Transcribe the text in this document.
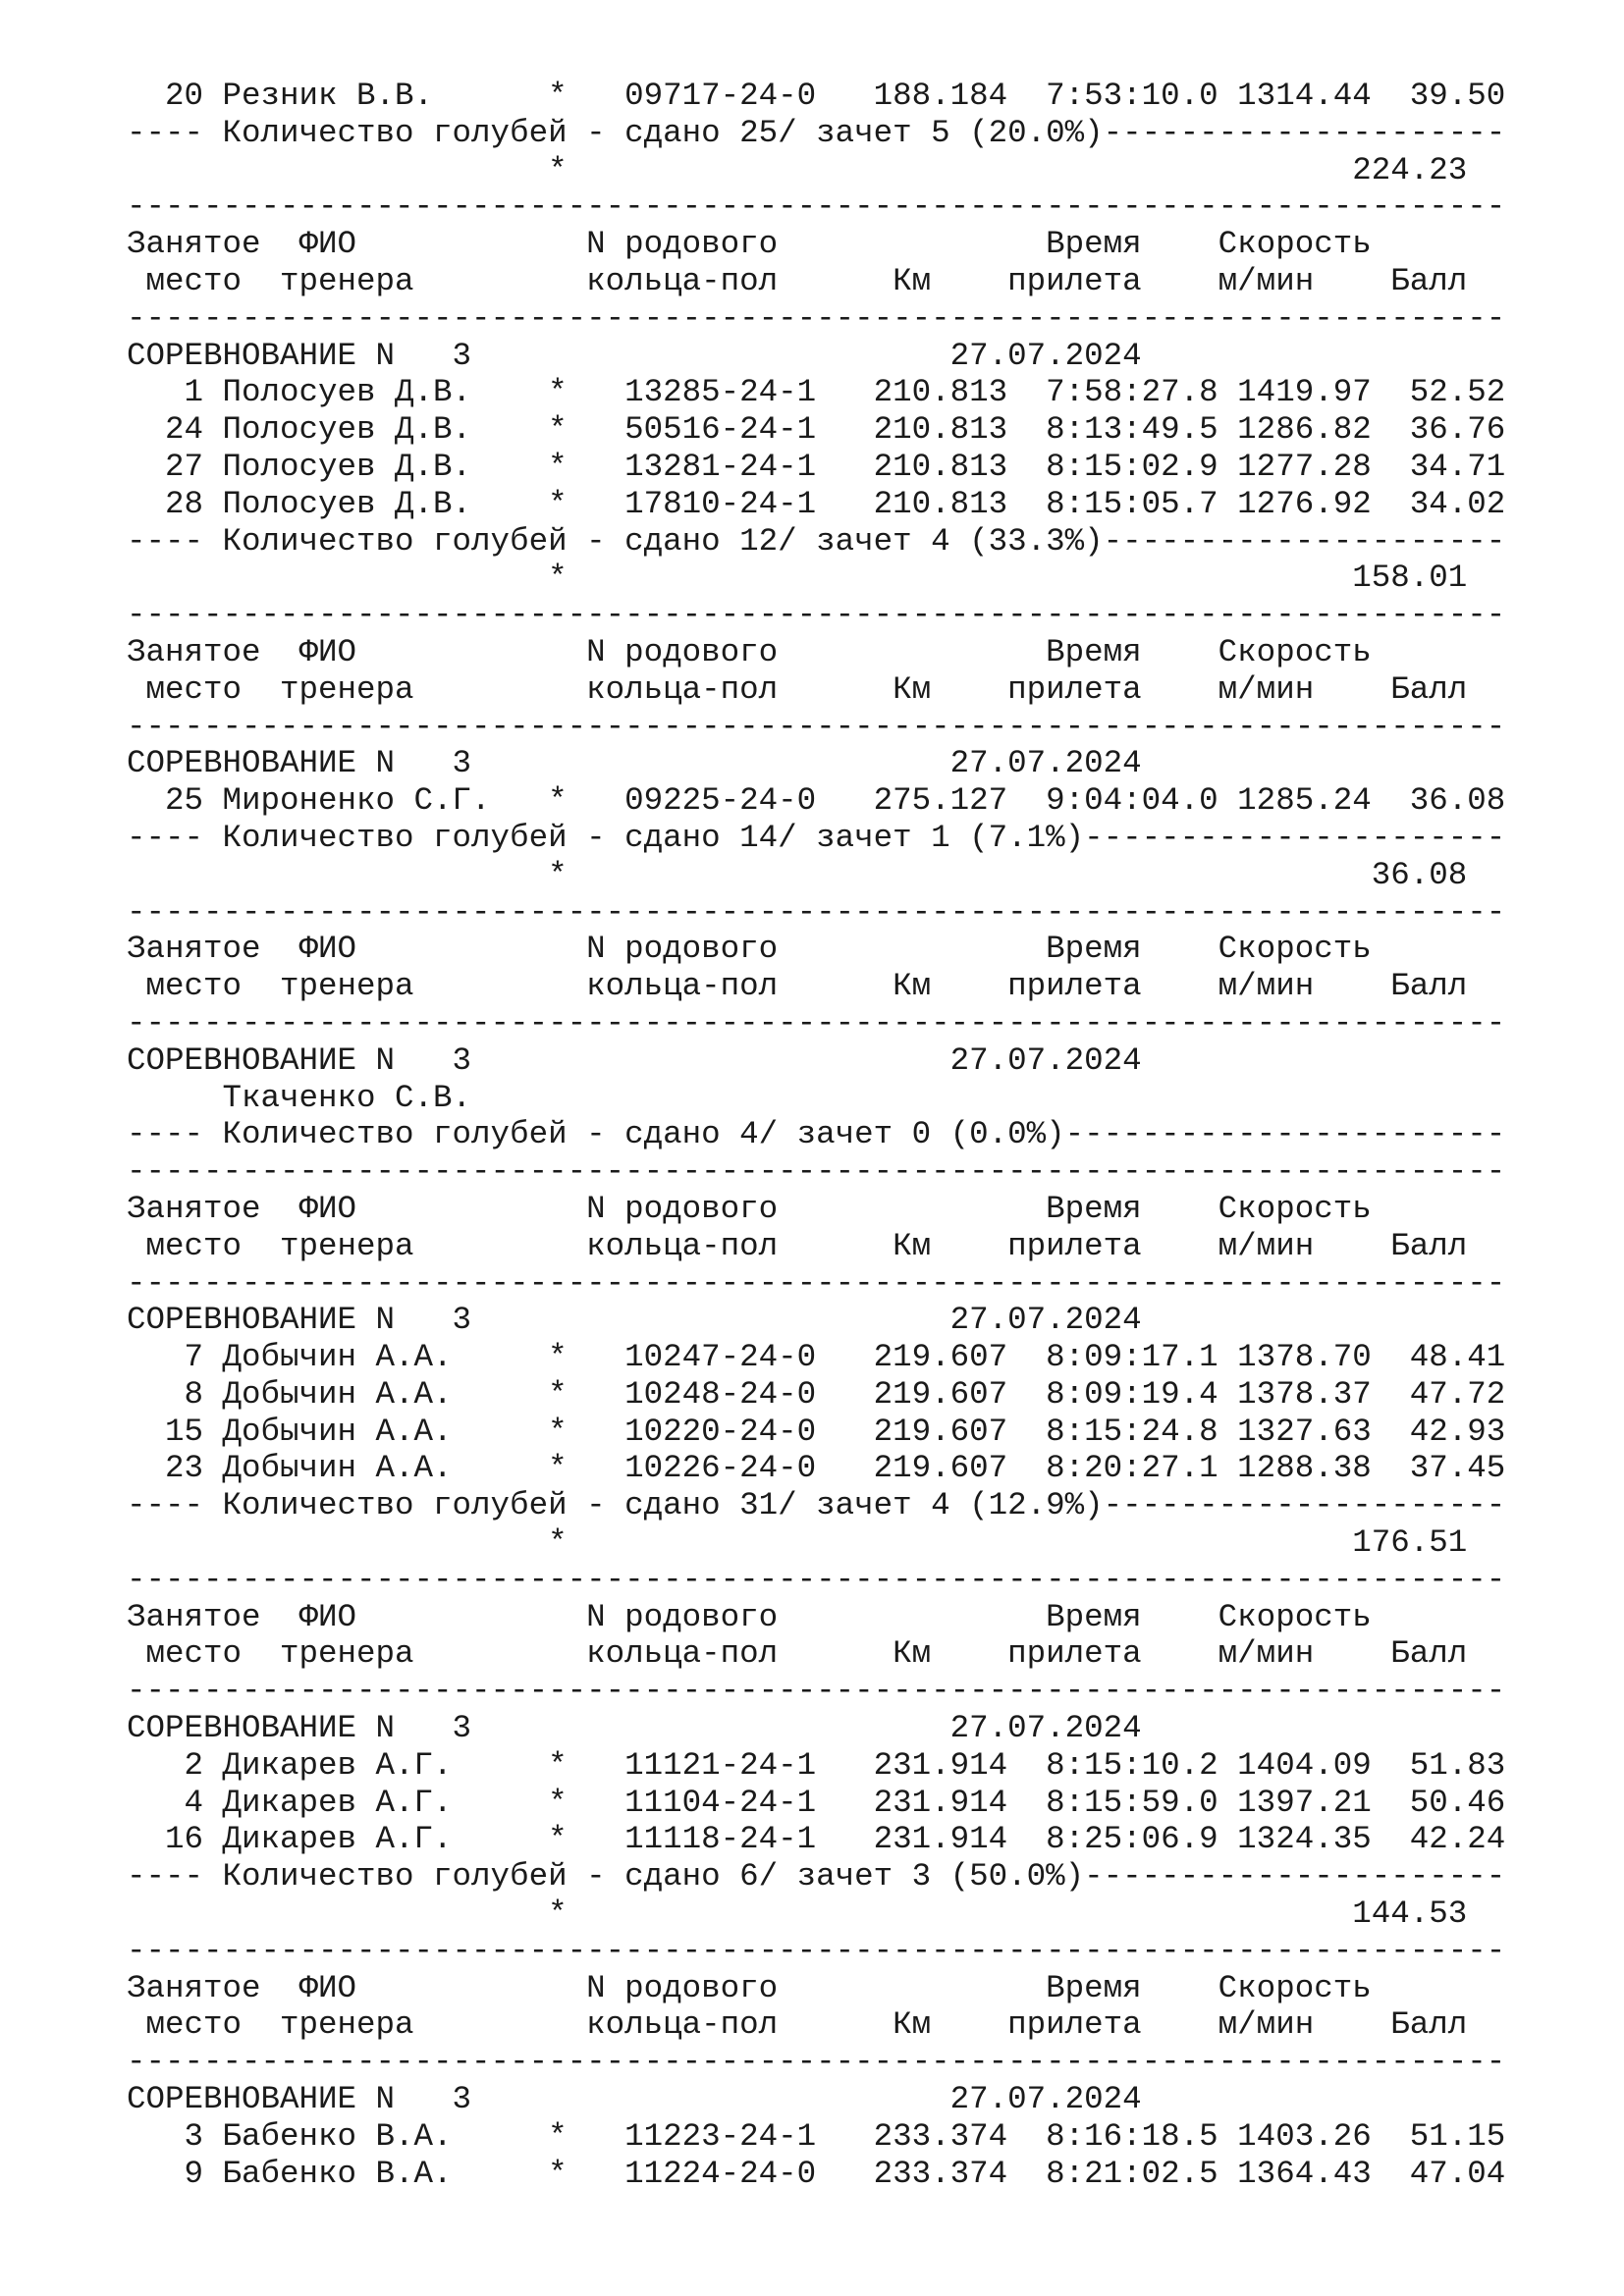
20 Резник В.В.      *   09717-24-0   188.184  7:53:10.0 1314.44  39.50
---- Количество голубей - сдано 25/ зачет 5 (20.0%)---------------------
*                                         224.23
------------------------------------------------------------------------
Занятое  ФИО            N родового              Время    Скорость
место  тренера         кольца-пол      Км    прилета    м/мин    Балл
------------------------------------------------------------------------
СОРЕВНОВАНИЕ N   3                         27.07.2024
1 Полосуев Д.В.    *   13285-24-1   210.813  7:58:27.8 1419.97  52.52
24 Полосуев Д.В.    *   50516-24-1   210.813  8:13:49.5 1286.82  36.76
27 Полосуев Д.В.    *   13281-24-1   210.813  8:15:02.9 1277.28  34.71
28 Полосуев Д.В.    *   17810-24-1   210.813  8:15:05.7 1276.92  34.02
---- Количество голубей - сдано 12/ зачет 4 (33.3%)---------------------
*                                         158.01
------------------------------------------------------------------------
Занятое  ФИО            N родового              Время    Скорость
место  тренера         кольца-пол      Км    прилета    м/мин    Балл
------------------------------------------------------------------------
СОРЕВНОВАНИЕ N   3                         27.07.2024
25 Мироненко С.Г.   *   09225-24-0   275.127  9:04:04.0 1285.24  36.08
---- Количество голубей - сдано 14/ зачет 1 (7.1%)----------------------
*                                          36.08
------------------------------------------------------------------------
Занятое  ФИО            N родового              Время    Скорость
место  тренера         кольца-пол      Км    прилета    м/мин    Балл
------------------------------------------------------------------------
СОРЕВНОВАНИЕ N   3                         27.07.2024
Ткаченко С.В.
---- Количество голубей - сдано 4/ зачет 0 (0.0%)-----------------------
------------------------------------------------------------------------
Занятое  ФИО            N родового              Время    Скорость
место  тренера         кольца-пол      Км    прилета    м/мин    Балл
------------------------------------------------------------------------
СОРЕВНОВАНИЕ N   3                         27.07.2024
7 Добычин А.А.     *   10247-24-0   219.607  8:09:17.1 1378.70  48.41
8 Добычин А.А.     *   10248-24-0   219.607  8:09:19.4 1378.37  47.72
15 Добычин А.А.     *   10220-24-0   219.607  8:15:24.8 1327.63  42.93
23 Добычин А.А.     *   10226-24-0   219.607  8:20:27.1 1288.38  37.45
---- Количество голубей - сдано 31/ зачет 4 (12.9%)---------------------
*                                         176.51
------------------------------------------------------------------------
Занятое  ФИО            N родового              Время    Скорость
место  тренера         кольца-пол      Км    прилета    м/мин    Балл
------------------------------------------------------------------------
СОРЕВНОВАНИЕ N   3                         27.07.2024
2 Дикарев А.Г.     *   11121-24-1   231.914  8:15:10.2 1404.09  51.83
4 Дикарев А.Г.     *   11104-24-1   231.914  8:15:59.0 1397.21  50.46
16 Дикарев А.Г.     *   11118-24-1   231.914  8:25:06.9 1324.35  42.24
---- Количество голубей - сдано 6/ зачет 3 (50.0%)----------------------
*                                         144.53
------------------------------------------------------------------------
Занятое  ФИО            N родового              Время    Скорость
место  тренера         кольца-пол      Км    прилета    м/мин    Балл
------------------------------------------------------------------------
СОРЕВНОВАНИЕ N   3                         27.07.2024
3 Бабенко В.А.     *   11223-24-1   233.374  8:16:18.5 1403.26  51.15
9 Бабенко В.А.     *   11224-24-0   233.374  8:21:02.5 1364.43  47.04
